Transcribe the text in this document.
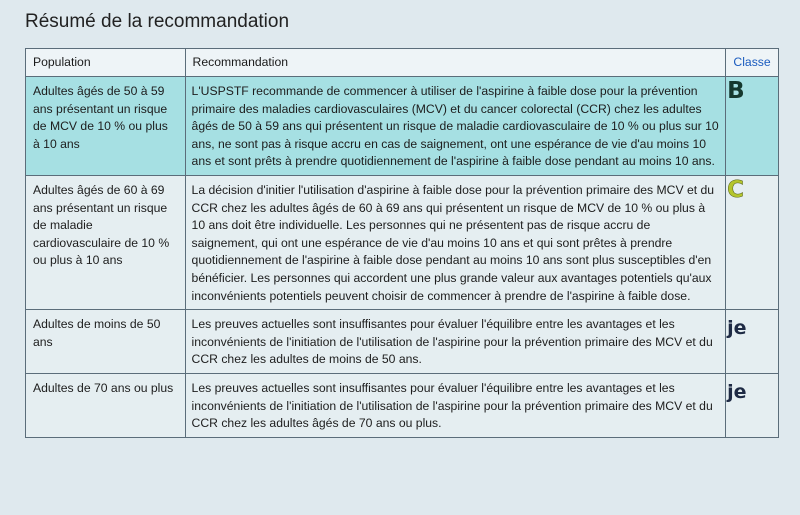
Résumé de la recommandation
Population	Recommandation	Classe
Adultes âgés de 50 à 59 ans présentant un risque de MCV de 10 % ou plus à 10 ans	L'USPSTF recommande de commencer à utiliser de l'aspirine à faible dose pour la prévention primaire des maladies cardiovasculaires (MCV) et du cancer colorectal (CCR) chez les adultes âgés de 50 à 59 ans qui présentent un risque de maladie cardiovasculaire de 10 % ou plus sur 10 ans, ne sont pas à risque accru en cas de saignement, ont une espérance de vie d'au moins 10 ans et sont prêts à prendre quotidiennement de l'aspirine à faible dose pendant au moins 10 ans.	B
Adultes âgés de 60 à 69 ans présentant un risque de maladie cardiovasculaire de 10 % ou plus à 10 ans	La décision d'initier l'utilisation d'aspirine à faible dose pour la prévention primaire des MCV et du CCR chez les adultes âgés de 60 à 69 ans qui présentent un risque de MCV de 10 % ou plus à 10 ans doit être individuelle. Les personnes qui ne présentent pas de risque accru de saignement, qui ont une espérance de vie d'au moins 10 ans et qui sont prêtes à prendre quotidiennement de l'aspirine à faible dose pendant au moins 10 ans sont plus susceptibles d'en bénéficier. Les personnes qui accordent une plus grande valeur aux avantages potentiels qu'aux inconvénients potentiels peuvent choisir de commencer à prendre de l'aspirine à faible dose.	C
Adultes de moins de 50 ans	Les preuves actuelles sont insuffisantes pour évaluer l'équilibre entre les avantages et les inconvénients de l'initiation de l'utilisation de l'aspirine pour la prévention primaire des MCV et du CCR chez les adultes de moins de 50 ans.	je
Adultes de 70 ans ou plus	Les preuves actuelles sont insuffisantes pour évaluer l'équilibre entre les avantages et les inconvénients de l'initiation de l'utilisation de l'aspirine pour la prévention primaire des MCV et du CCR chez les adultes âgés de 70 ans ou plus.	je
